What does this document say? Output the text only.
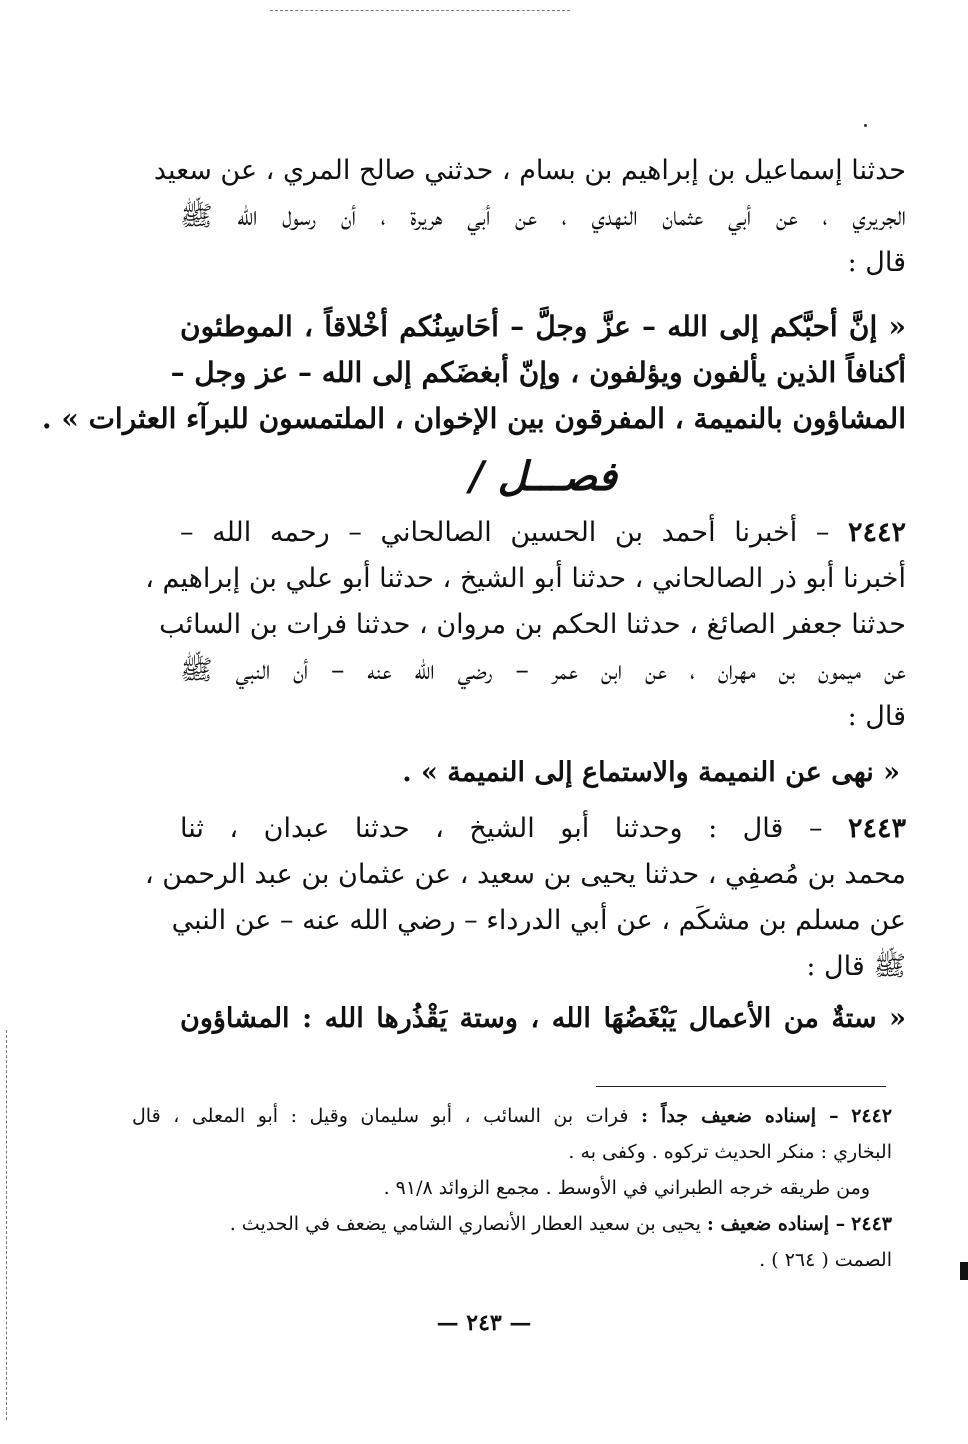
حدثنا إسماعيل بن إبراهيم بن بسام ، حدثني صالح المري ، عن سعيد
الجريري ، عن أبي عثمان النهدي ، عن أبي هريرة ، أن رسول الله ﷺ
قال :
« إنَّ أحبَّكم إلى الله – عزَّ وجلَّ – أحَاسِنُكم أخْلاقاً ، الموطئون
أكنافاً الذين يألفون ويؤلفون ، وإنّ أبغضَكم إلى الله – عز وجل –
المشاؤون بالنميمة ، المفرقون بين الإخوان ، الملتمسون للبرآء العثرات » .
فصـــل /
٢٤٤٢ – أخبرنا أحمد بن الحسين الصالحاني – رحمه الله –
أخبرنا أبو ذر الصالحاني ، حدثنا أبو الشيخ ، حدثنا أبو علي بن إبراهيم ،
حدثنا جعفر الصائغ ، حدثنا الحكم بن مروان ، حدثنا فرات بن السائب
عن ميمون بن مهران ، عن ابن عمر – رضي الله عنه – أن النبي ﷺ
قال :
« نهى عن النميمة والاستماع إلى النميمة » .
٢٤٤٣ – قال : وحدثنا أبو الشيخ ، حدثنا عبدان ، ثنا
محمد بن مُصفِي ، حدثنا يحيى بن سعيد ، عن عثمان بن عبد الرحمن ،
عن مسلم بن مشكَم ، عن أبي الدرداء – رضي الله عنه – عن النبي
ﷺ قال :
« ستةٌ من الأعمال يَبْغَضُهَا الله ، وستة يَقْذُرها الله : المشاؤون
٢٤٤٢ – إسناده ضعيف جداً : فرات بن السائب ، أبو سليمان وقيل : أبو المعلى ، قال
البخاري : منكر الحديث تركوه . وكفى به .
ومن طريقه خرجه الطبراني في الأوسط . مجمع الزوائد ٩١/٨ .
٢٤٤٣ – إسناده ضعيف : يحيى بن سعيد العطار الأنصاري الشامي يضعف في الحديث .
الصمت ( ٢٦٤ ) .
— ٢٤٣ —
